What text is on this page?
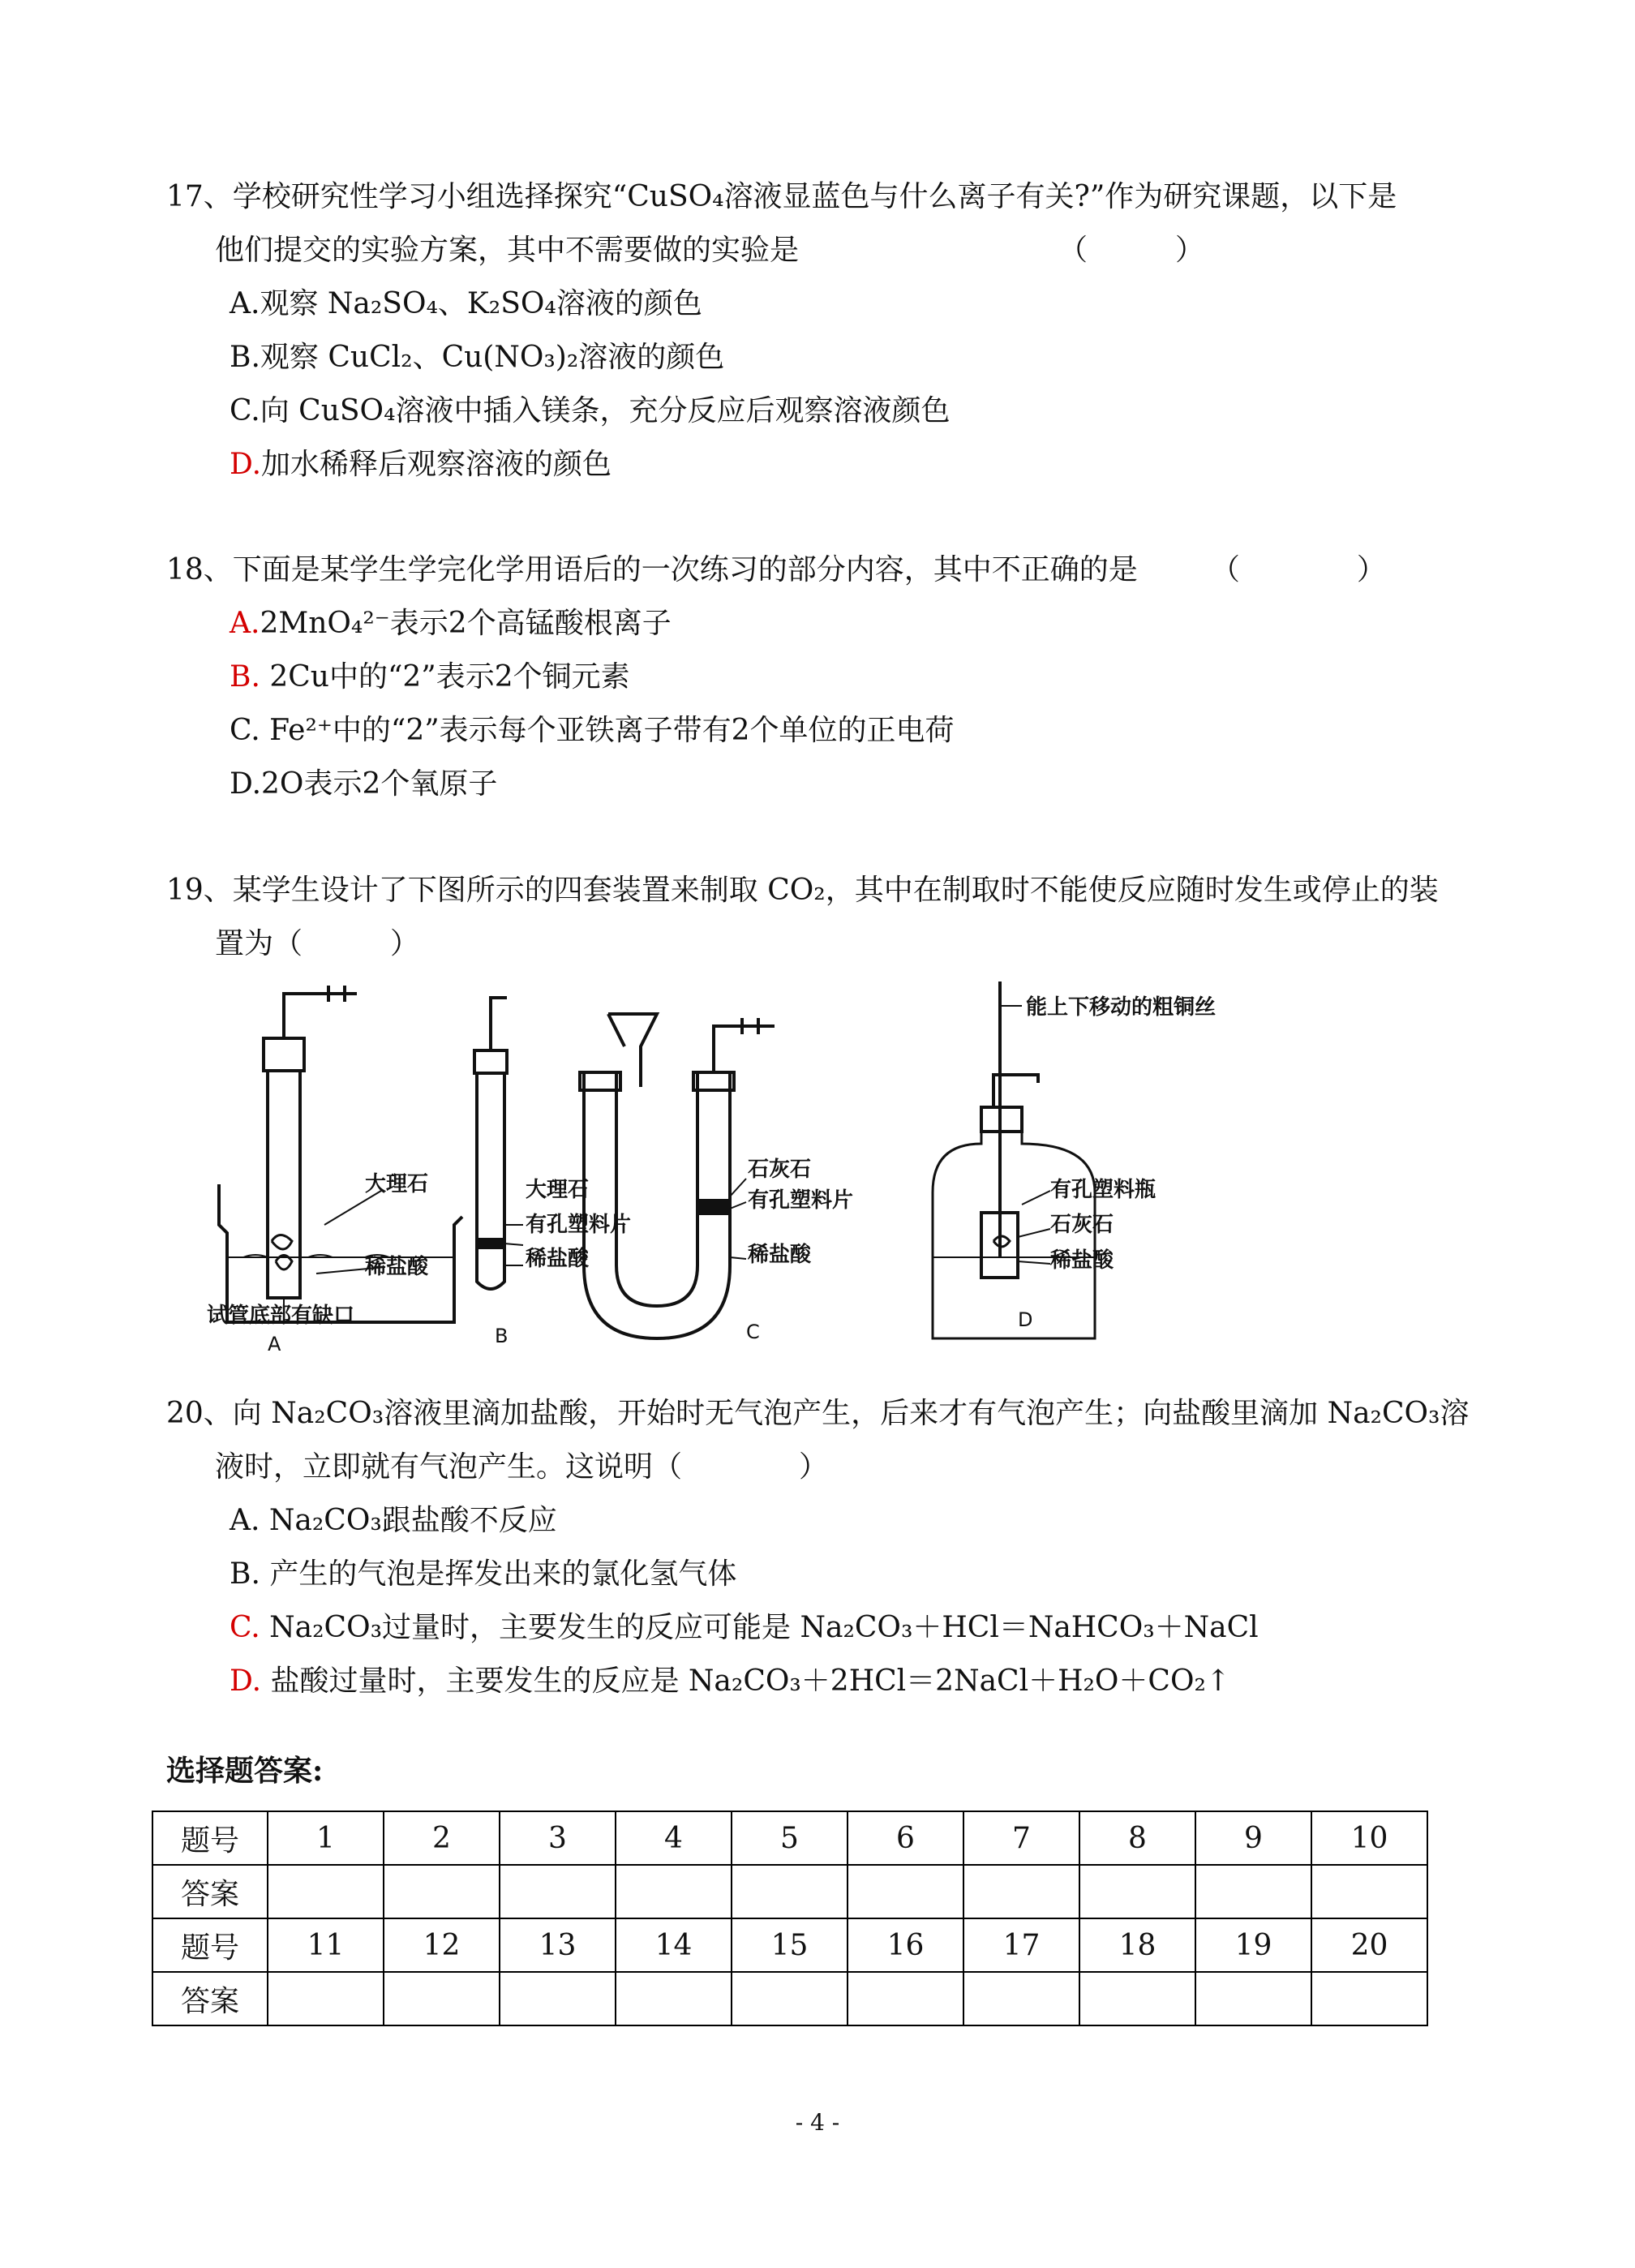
17、学校研究性学习小组选择探究“CuSO₄溶液显蓝色与什么离子有关?”作为研究课题，以下是
他们提交的实验方案，其中不需要做的实验是	（　　　）
A.观察 Na₂SO₄、K₂SO₄溶液的颜色
B.观察 CuCl₂、Cu(NO₃)₂溶液的颜色
C.向 CuSO₄溶液中插入镁条，充分反应后观察溶液颜色
D.加水稀释后观察溶液的颜色
18、下面是某学生学完化学用语后的一次练习的部分内容，其中不正确的是	（　　　　）
A.2MnO₄²⁻表示2个高锰酸根离子
B. 2Cu中的“2”表示2个铜元素
C. Fe²⁺中的“2”表示每个亚铁离子带有2个单位的正电荷
D.2O表示2个氧原子
19、某学生设计了下图所示的四套装置来制取 CO₂，其中在制取时不能使反应随时发生或停止的装
置为（　　　）
大理石
稀盐酸
试管底部有缺口
大理石
有孔塑料片
稀盐酸
石灰石
有孔塑料片
稀盐酸
能上下移动的粗铜丝
有孔塑料瓶
石灰石
稀盐酸
A	B	C
D
20、向 Na₂CO₃溶液里滴加盐酸，开始时无气泡产生，后来才有气泡产生；向盐酸里滴加 Na₂CO₃溶
液时，立即就有气泡产生。这说明（　　　　）
A. Na₂CO₃跟盐酸不反应
B. 产生的气泡是挥发出来的氯化氢气体
C. Na₂CO₃过量时，主要发生的反应可能是 Na₂CO₃＋HCl＝NaHCO₃＋NaCl
D. 盐酸过量时，主要发生的反应是 Na₂CO₃＋2HCl＝2NaCl＋H₂O＋CO₂↑
选择题答案:
题号	1	2	3	4	5	6	7	8	9	10
答案										
题号	11	12	13	14	15	16	17	18	19	20
答案										
- 4 -
